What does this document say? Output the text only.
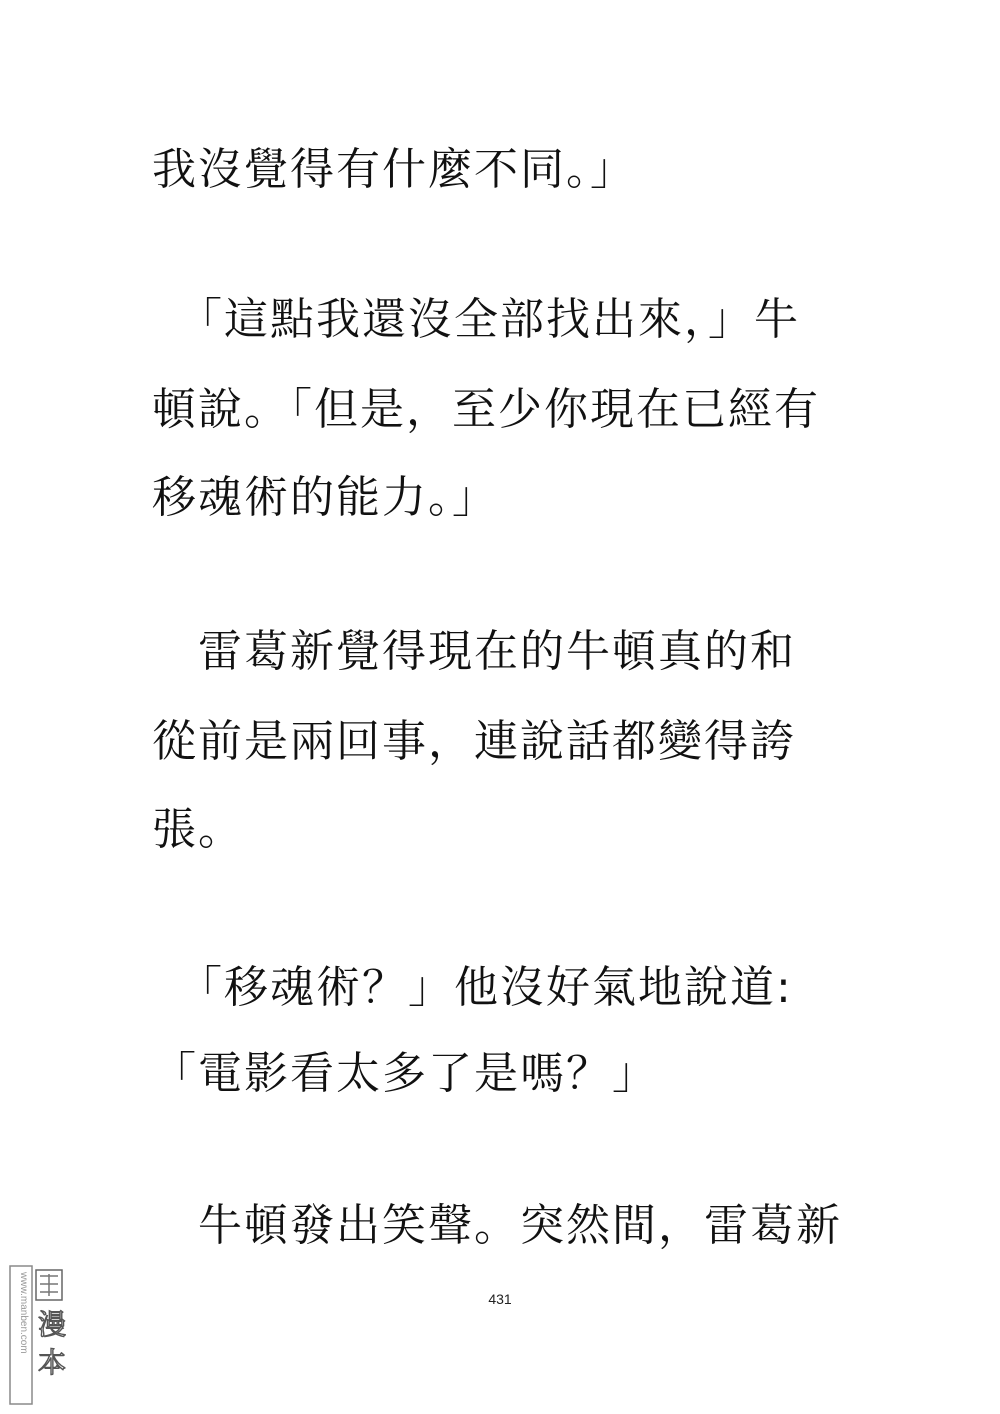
我沒覺得有什麼不同。」
「這點我還沒全部找出來，」牛
頓說。「但是，至少你現在已經有
移魂術的能力。」
雷葛新覺得現在的牛頓真的和
從前是兩回事，連說話都變得誇
張。
「移魂術？」他沒好氣地說道:
「電影看太多了是嗎？」
牛頓發出笑聲。突然間，雷葛新
431
www.manben.com 漫
本
